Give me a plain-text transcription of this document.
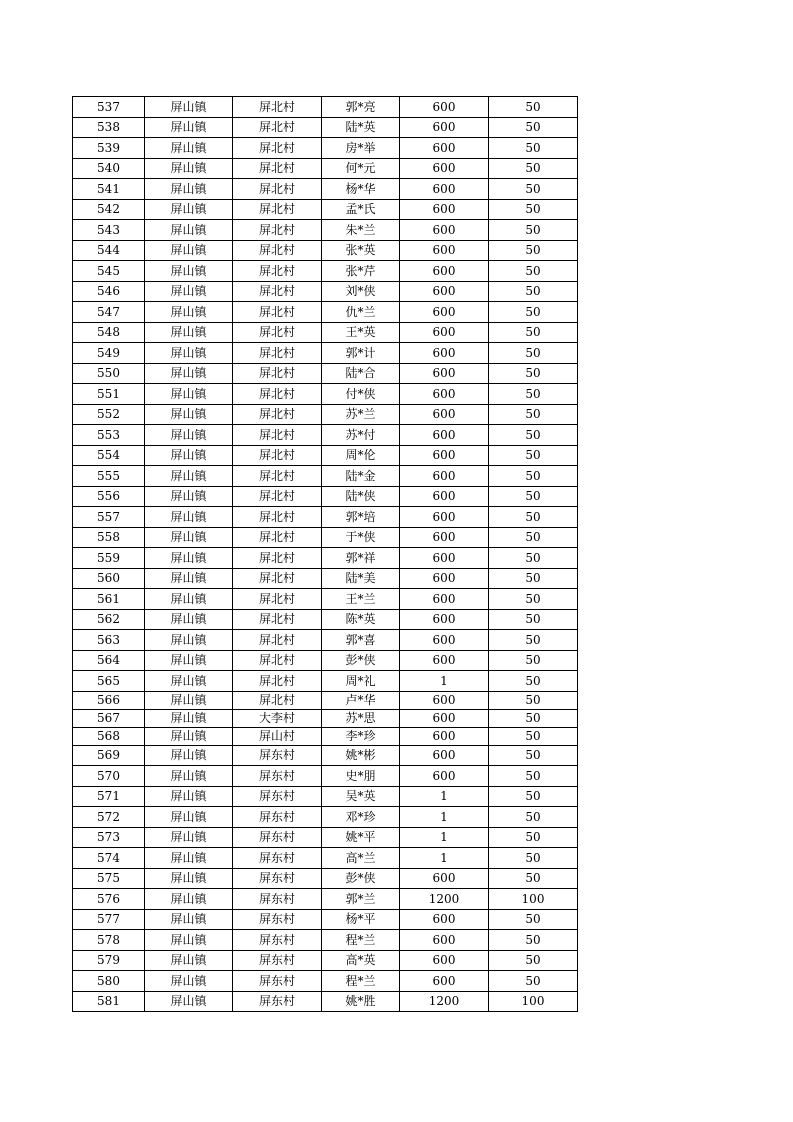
537	屏山镇	屏北村	郭*亮	600	50
538	屏山镇	屏北村	陆*英	600	50
539	屏山镇	屏北村	房*举	600	50
540	屏山镇	屏北村	何*元	600	50
541	屏山镇	屏北村	杨*华	600	50
542	屏山镇	屏北村	孟*氏	600	50
543	屏山镇	屏北村	朱*兰	600	50
544	屏山镇	屏北村	张*英	600	50
545	屏山镇	屏北村	张*芹	600	50
546	屏山镇	屏北村	刘*侠	600	50
547	屏山镇	屏北村	仇*兰	600	50
548	屏山镇	屏北村	王*英	600	50
549	屏山镇	屏北村	郭*计	600	50
550	屏山镇	屏北村	陆*合	600	50
551	屏山镇	屏北村	付*侠	600	50
552	屏山镇	屏北村	苏*兰	600	50
553	屏山镇	屏北村	苏*付	600	50
554	屏山镇	屏北村	周*伦	600	50
555	屏山镇	屏北村	陆*金	600	50
556	屏山镇	屏北村	陆*侠	600	50
557	屏山镇	屏北村	郭*培	600	50
558	屏山镇	屏北村	于*侠	600	50
559	屏山镇	屏北村	郭*祥	600	50
560	屏山镇	屏北村	陆*美	600	50
561	屏山镇	屏北村	王*兰	600	50
562	屏山镇	屏北村	陈*英	600	50
563	屏山镇	屏北村	郭*喜	600	50
564	屏山镇	屏北村	彭*侠	600	50
565	屏山镇	屏北村	周*礼	1	50
566	屏山镇	屏北村	卢*华	600	50
567	屏山镇	大李村	苏*思	600	50
568	屏山镇	屏山村	李*珍	600	50
569	屏山镇	屏东村	姚*彬	600	50
570	屏山镇	屏东村	史*朋	600	50
571	屏山镇	屏东村	吴*英	1	50
572	屏山镇	屏东村	邓*珍	1	50
573	屏山镇	屏东村	姚*平	1	50
574	屏山镇	屏东村	高*兰	1	50
575	屏山镇	屏东村	彭*侠	600	50
576	屏山镇	屏东村	郭*兰	1200	100
577	屏山镇	屏东村	杨*平	600	50
578	屏山镇	屏东村	程*兰	600	50
579	屏山镇	屏东村	高*英	600	50
580	屏山镇	屏东村	程*兰	600	50
581	屏山镇	屏东村	姚*胜	1200	100
